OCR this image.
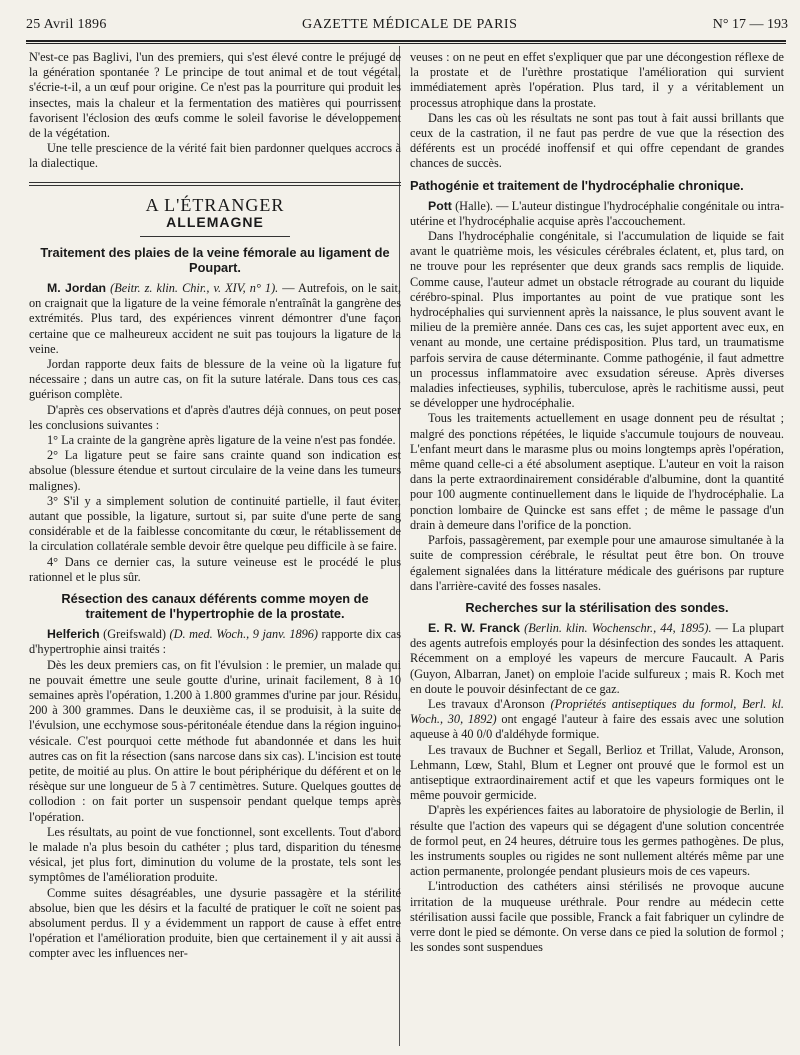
25 Avril 1896	GAZETTE MÉDICALE DE PARIS	N° 17 — 193

N'est-ce pas Baglivi, l'un des premiers, qui s'est élevé contre le préjugé de la génération spontanée ? Le principe de tout animal et de tout végétal, s'écrie-t-il, a un œuf pour origine. Ce n'est pas la pourriture qui produit les insectes, mais la chaleur et la fermentation des matières qui pourrissent favorisent l'éclosion des œufs comme le soleil favorise le développement de la végétation.

Une telle prescience de la vérité fait bien pardonner quelques accrocs à la dialectique.

A L'ÉTRANGER
ALLEMAGNE
Traitement des plaies de la veine fémorale au ligament de Poupart.

M. Jordan (Beitr. z. klin. Chir., v. XIV, n° 1). — Autrefois, on le sait, on craignait que la ligature de la veine fémorale n'entraînât la gangrène des extrémités. Plus tard, des expériences vinrent démontrer d'une façon certaine que ce malheureux accident ne suit pas toujours la ligature de la veine.

Jordan rapporte deux faits de blessure de la veine où la ligature fut nécessaire ; dans un autre cas, on fit la suture latérale. Dans tous ces cas, guérison complète.

D'après ces observations et d'après d'autres déjà connues, on peut poser les conclusions suivantes :

1° La crainte de la gangrène après ligature de la veine n'est pas fondée.

2° La ligature peut se faire sans crainte quand son indication est absolue (blessure étendue et surtout circulaire de la veine dans les tumeurs malignes).

3° S'il y a simplement solution de continuité partielle, il faut éviter, autant que possible, la ligature, surtout si, par suite d'une perte de sang considérable et de la faiblesse concomitante du cœur, le rétablissement de la circulation collatérale semble devoir être quelque peu difficile à se faire.

4° Dans ce dernier cas, la suture veineuse est le procédé le plus rationnel et le plus sûr.

Résection des canaux déférents comme moyen de traitement de l'hypertrophie de la prostate.

Helferich (Greifswald) (D. med. Woch., 9 janv. 1896) rapporte dix cas d'hypertrophie ainsi traités :

Dès les deux premiers cas, on fit l'évulsion : le premier, un malade qui ne pouvait émettre une seule goutte d'urine, urinait facilement, 8 à 10 semaines après l'opération, 1.200 à 1.800 grammes d'urine par jour. Résidu, 200 à 300 grammes. Dans le deuxième cas, il se produisit, à la suite de l'évulsion, une ecchymose sous-péritonéale étendue dans la région inguino-vésicale. C'est pourquoi cette méthode fut abandonnée et dans les huit autres cas on fit la résection (sans narcose dans six cas). L'incision est toute petite, de moitié au plus. On attire le bout périphérique du déférent et on le résèque sur une longueur de 5 à 7 centimètres. Suture. Quelques gouttes de collodion : on fait porter un suspensoir pendant quelque temps après l'opération.

Les résultats, au point de vue fonctionnel, sont excellents. Tout d'abord le malade n'a plus besoin du cathéter ; plus tard, disparition du ténesme vésical, jet plus fort, diminution du volume de la prostate, tels sont les symptômes de l'amélioration produite.

Comme suites désagréables, une dysurie passagère et la stérilité absolue, bien que les désirs et la faculté de pratiquer le coït ne soient pas absolument perdus. Il y a évidemment un rapport de cause à effet entre l'opération et l'amélioration produite, bien que certainement il y ait aussi à compter avec les influences ner-

veuses : on ne peut en effet s'expliquer que par une décongestion réflexe de la prostate et de l'urèthre prostatique l'amélioration qui survient immédiatement après l'opération. Plus tard, il y a véritablement un processus atrophique dans la prostate.

Dans les cas où les résultats ne sont pas tout à fait aussi brillants que ceux de la castration, il ne faut pas perdre de vue que la résection des déférents est un procédé inoffensif et qui offre cependant de grandes chances de succès.

Pathogénie et traitement de l'hydrocéphalie chronique.

Pott (Halle). — L'auteur distingue l'hydrocéphalie congénitale ou intra-utérine et l'hydrocéphalie acquise après l'accouchement.

Dans l'hydrocéphalie congénitale, si l'accumulation de liquide se fait avant le quatrième mois, les vésicules cérébrales éclatent, et, plus tard, on ne trouve pour les représenter que deux grands sacs remplis de liquide. Comme cause, l'auteur admet un obstacle rétrograde au courant du liquide cérébro-spinal. Plus importantes au point de vue pratique sont les hydrocéphalies qui surviennent après la naissance, le plus souvent avant le milieu de la première année. Dans ces cas, les sujet apportent avec eux, en venant au monde, une certaine prédisposition. Plus tard, un traumatisme parfois servira de cause déterminante. Comme pathogénie, il faut admettre un processus inflammatoire avec exsudation séreuse. Après diverses maladies infectieuses, syphilis, tuberculose, après le rachitisme aussi, peut se développer une hydrocéphalie.

Tous les traitements actuellement en usage donnent peu de résultat ; malgré des ponctions répétées, le liquide s'accumule toujours de nouveau. L'enfant meurt dans le marasme plus ou moins longtemps après l'opération, même quand celle-ci a été absolument aseptique. L'auteur en voit la raison dans la perte extraordinairement considérable d'albumine, dont la quantité pour 100 augmente continuellement dans le liquide de l'hydrocéphalie. La ponction lombaire de Quincke est sans effet ; de même le passage d'un drain à demeure dans l'orifice de la ponction.

Parfois, passagèrement, par exemple pour une amaurose simultanée à la suite de compression cérébrale, le résultat peut être bon. On trouve également signalées dans la littérature médicale des guérisons par rupture dans l'arrière-cavité des fosses nasales.

Recherches sur la stérilisation des sondes.

E. R. W. Franck (Berlin. klin. Wochenschr., 44, 1895). — La plupart des agents autrefois employés pour la désinfection des sondes les attaquent. Récemment on a employé les vapeurs de mercure Faucault. A Paris (Guyon, Albarran, Janet) on emploie l'acide sulfureux ; mais R. Koch met en doute le pouvoir désinfectant de ce gaz.

Les travaux d'Aronson (Propriétés antiseptiques du formol, Berl. kl. Woch., 30, 1892) ont engagé l'auteur à faire des essais avec une solution aqueuse à 40 0/0 d'aldéhyde formique.

Les travaux de Buchner et Segall, Berlioz et Trillat, Valude, Aronson, Lehmann, Lœw, Stahl, Blum et Legner ont prouvé que le formol est un antiseptique extraordinairement actif et que les vapeurs formiques ont le même pouvoir germicide.

D'après les expériences faites au laboratoire de physiologie de Berlin, il résulte que l'action des vapeurs qui se dégagent d'une solution concentrée de formol peut, en 24 heures, détruire tous les germes pathogènes. De plus, les instruments souples ou rigides ne sont nullement altérés même par une action permanente, prolongée pendant plusieurs mois de ces vapeurs.

L'introduction des cathéters ainsi stérilisés ne provoque aucune irritation de la muqueuse uréthrale. Pour rendre au médecin cette stérilisation aussi facile que possible, Franck a fait fabriquer un cylindre de verre dont le pied se démonte. On verse dans ce pied la solution de formol ; les sondes sont suspendues
